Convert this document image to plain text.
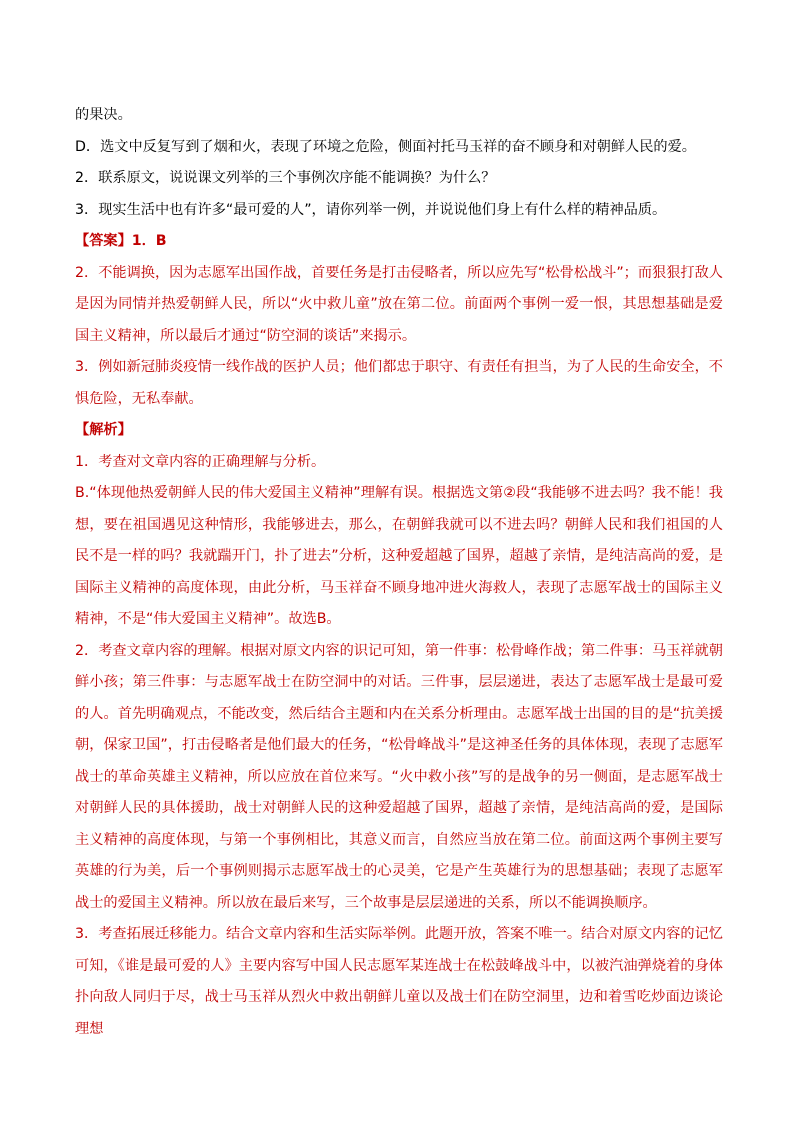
的果决。

D．选文中反复写到了烟和火，表现了环境之危险，侧面衬托马玉祥的奋不顾身和对朝鲜人民的爱。

2．联系原文，说说课文列举的三个事例次序能不能调换？为什么？

3．现实生活中也有许多“最可爱的人”，请你列举一例，并说说他们身上有什么样的精神品质。

【答案】1．B

2．不能调换，因为志愿军出国作战，首要任务是打击侵略者，所以应先写“松骨松战斗”；而狠狠打敌人是因为同情并热爱朝鲜人民，所以“火中救儿童”放在第二位。前面两个事例一爱一恨，其思想基础是爱国主义精神，所以最后才通过“防空洞的谈话”来揭示。

3．例如新冠肺炎疫情一线作战的医护人员；他们都忠于职守、有责任有担当，为了人民的生命安全，不惧危险，无私奉献。

【解析】

1．考查对文章内容的正确理解与分析。

B.“体现他热爱朝鲜人民的伟大爱国主义精神”理解有误。根据选文第②段“我能够不进去吗？我不能！我想，要在祖国遇见这种情形，我能够进去，那么，在朝鲜我就可以不进去吗？朝鲜人民和我们祖国的人民不是一样的吗？我就踹开门，扑了进去”分析，这种爱超越了国界，超越了亲情，是纯洁高尚的爱，是国际主义精神的高度体现，由此分析，马玉祥奋不顾身地冲进火海救人，表现了志愿军战士的国际主义精神，不是“伟大爱国主义精神”。故选B。

2．考查文章内容的理解。根据对原文内容的识记可知，第一件事：松骨峰作战；第二件事：马玉祥就朝鲜小孩；第三件事：与志愿军战士在防空洞中的对话。三件事，层层递进，表达了志愿军战士是最可爱的人。首先明确观点，不能改变，然后结合主题和内在关系分析理由。志愿军战士出国的目的是“抗美援朝，保家卫国”，打击侵略者是他们最大的任务，“松骨峰战斗”是这神圣任务的具体体现，表现了志愿军战士的革命英雄主义精神，所以应放在首位来写。“火中救小孩”写的是战争的另一侧面，是志愿军战士对朝鲜人民的具体援助，战士对朝鲜人民的这种爱超越了国界，超越了亲情，是纯洁高尚的爱，是国际主义精神的高度体现，与第一个事例相比，其意义而言，自然应当放在第二位。前面这两个事例主要写英雄的行为美，后一个事例则揭示志愿军战士的心灵美，它是产生英雄行为的思想基础；表现了志愿军战士的爱国主义精神。所以放在最后来写，三个故事是层层递进的关系，所以不能调换顺序。

3．考查拓展迁移能力。结合文章内容和生活实际举例。此题开放，答案不唯一。结合对原文内容的记忆可知，《谁是最可爱的人》主要内容写中国人民志愿军某连战士在松鼓峰战斗中，以被汽油弹烧着的身体扑向敌人同归于尽，战士马玉祥从烈火中救出朝鲜儿童以及战士们在防空洞里，边和着雪吃炒面边谈论理想
